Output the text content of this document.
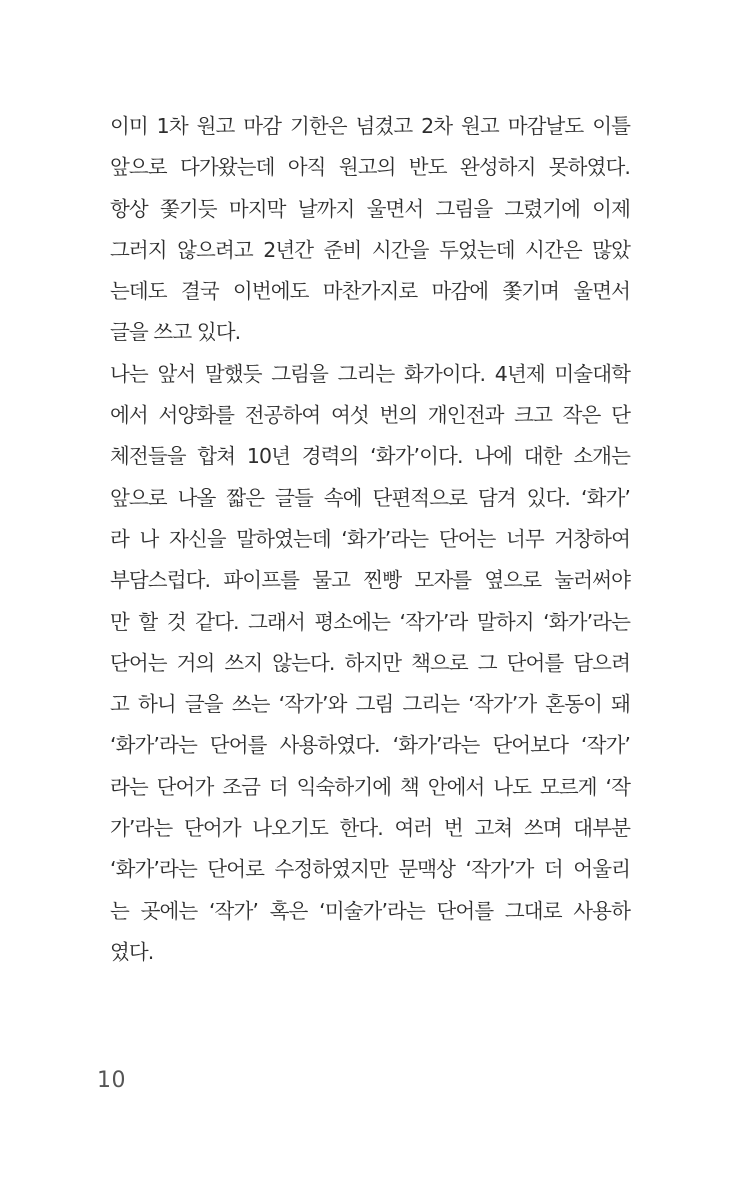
이미 1차 원고 마감 기한은 넘겼고 2차 원고 마감날도 이틀
앞으로 다가왔는데 아직 원고의 반도 완성하지 못하였다.
항상 쫓기듯 마지막 날까지 울면서 그림을 그렸기에 이제
그러지 않으려고 2년간 준비 시간을 두었는데 시간은 많았
는데도 결국 이번에도 마찬가지로 마감에 쫓기며 울면서
글을 쓰고 있다.
나는 앞서 말했듯 그림을 그리는 화가이다. 4년제 미술대학
에서 서양화를 전공하여 여섯 번의 개인전과 크고 작은 단
체전들을 합쳐 10년 경력의 ‘화가’이다. 나에 대한 소개는
앞으로 나올 짧은 글들 속에 단편적으로 담겨 있다. ‘화가’
라 나 자신을 말하였는데 ‘화가’라는 단어는 너무 거창하여
부담스럽다. 파이프를 물고 찐빵 모자를 옆으로 눌러써야
만 할 것 같다. 그래서 평소에는 ‘작가’라 말하지 ‘화가’라는
단어는 거의 쓰지 않는다. 하지만 책으로 그 단어를 담으려
고 하니 글을 쓰는 ‘작가’와 그림 그리는 ‘작가’가 혼동이 돼
‘화가’라는 단어를 사용하였다. ‘화가’라는 단어보다 ‘작가’
라는 단어가 조금 더 익숙하기에 책 안에서 나도 모르게 ‘작
가’라는 단어가 나오기도 한다. 여러 번 고쳐 쓰며 대부분
‘화가’라는 단어로 수정하였지만 문맥상 ‘작가’가 더 어울리
는 곳에는 ‘작가’ 혹은 ‘미술가’라는 단어를 그대로 사용하
였다.
10
